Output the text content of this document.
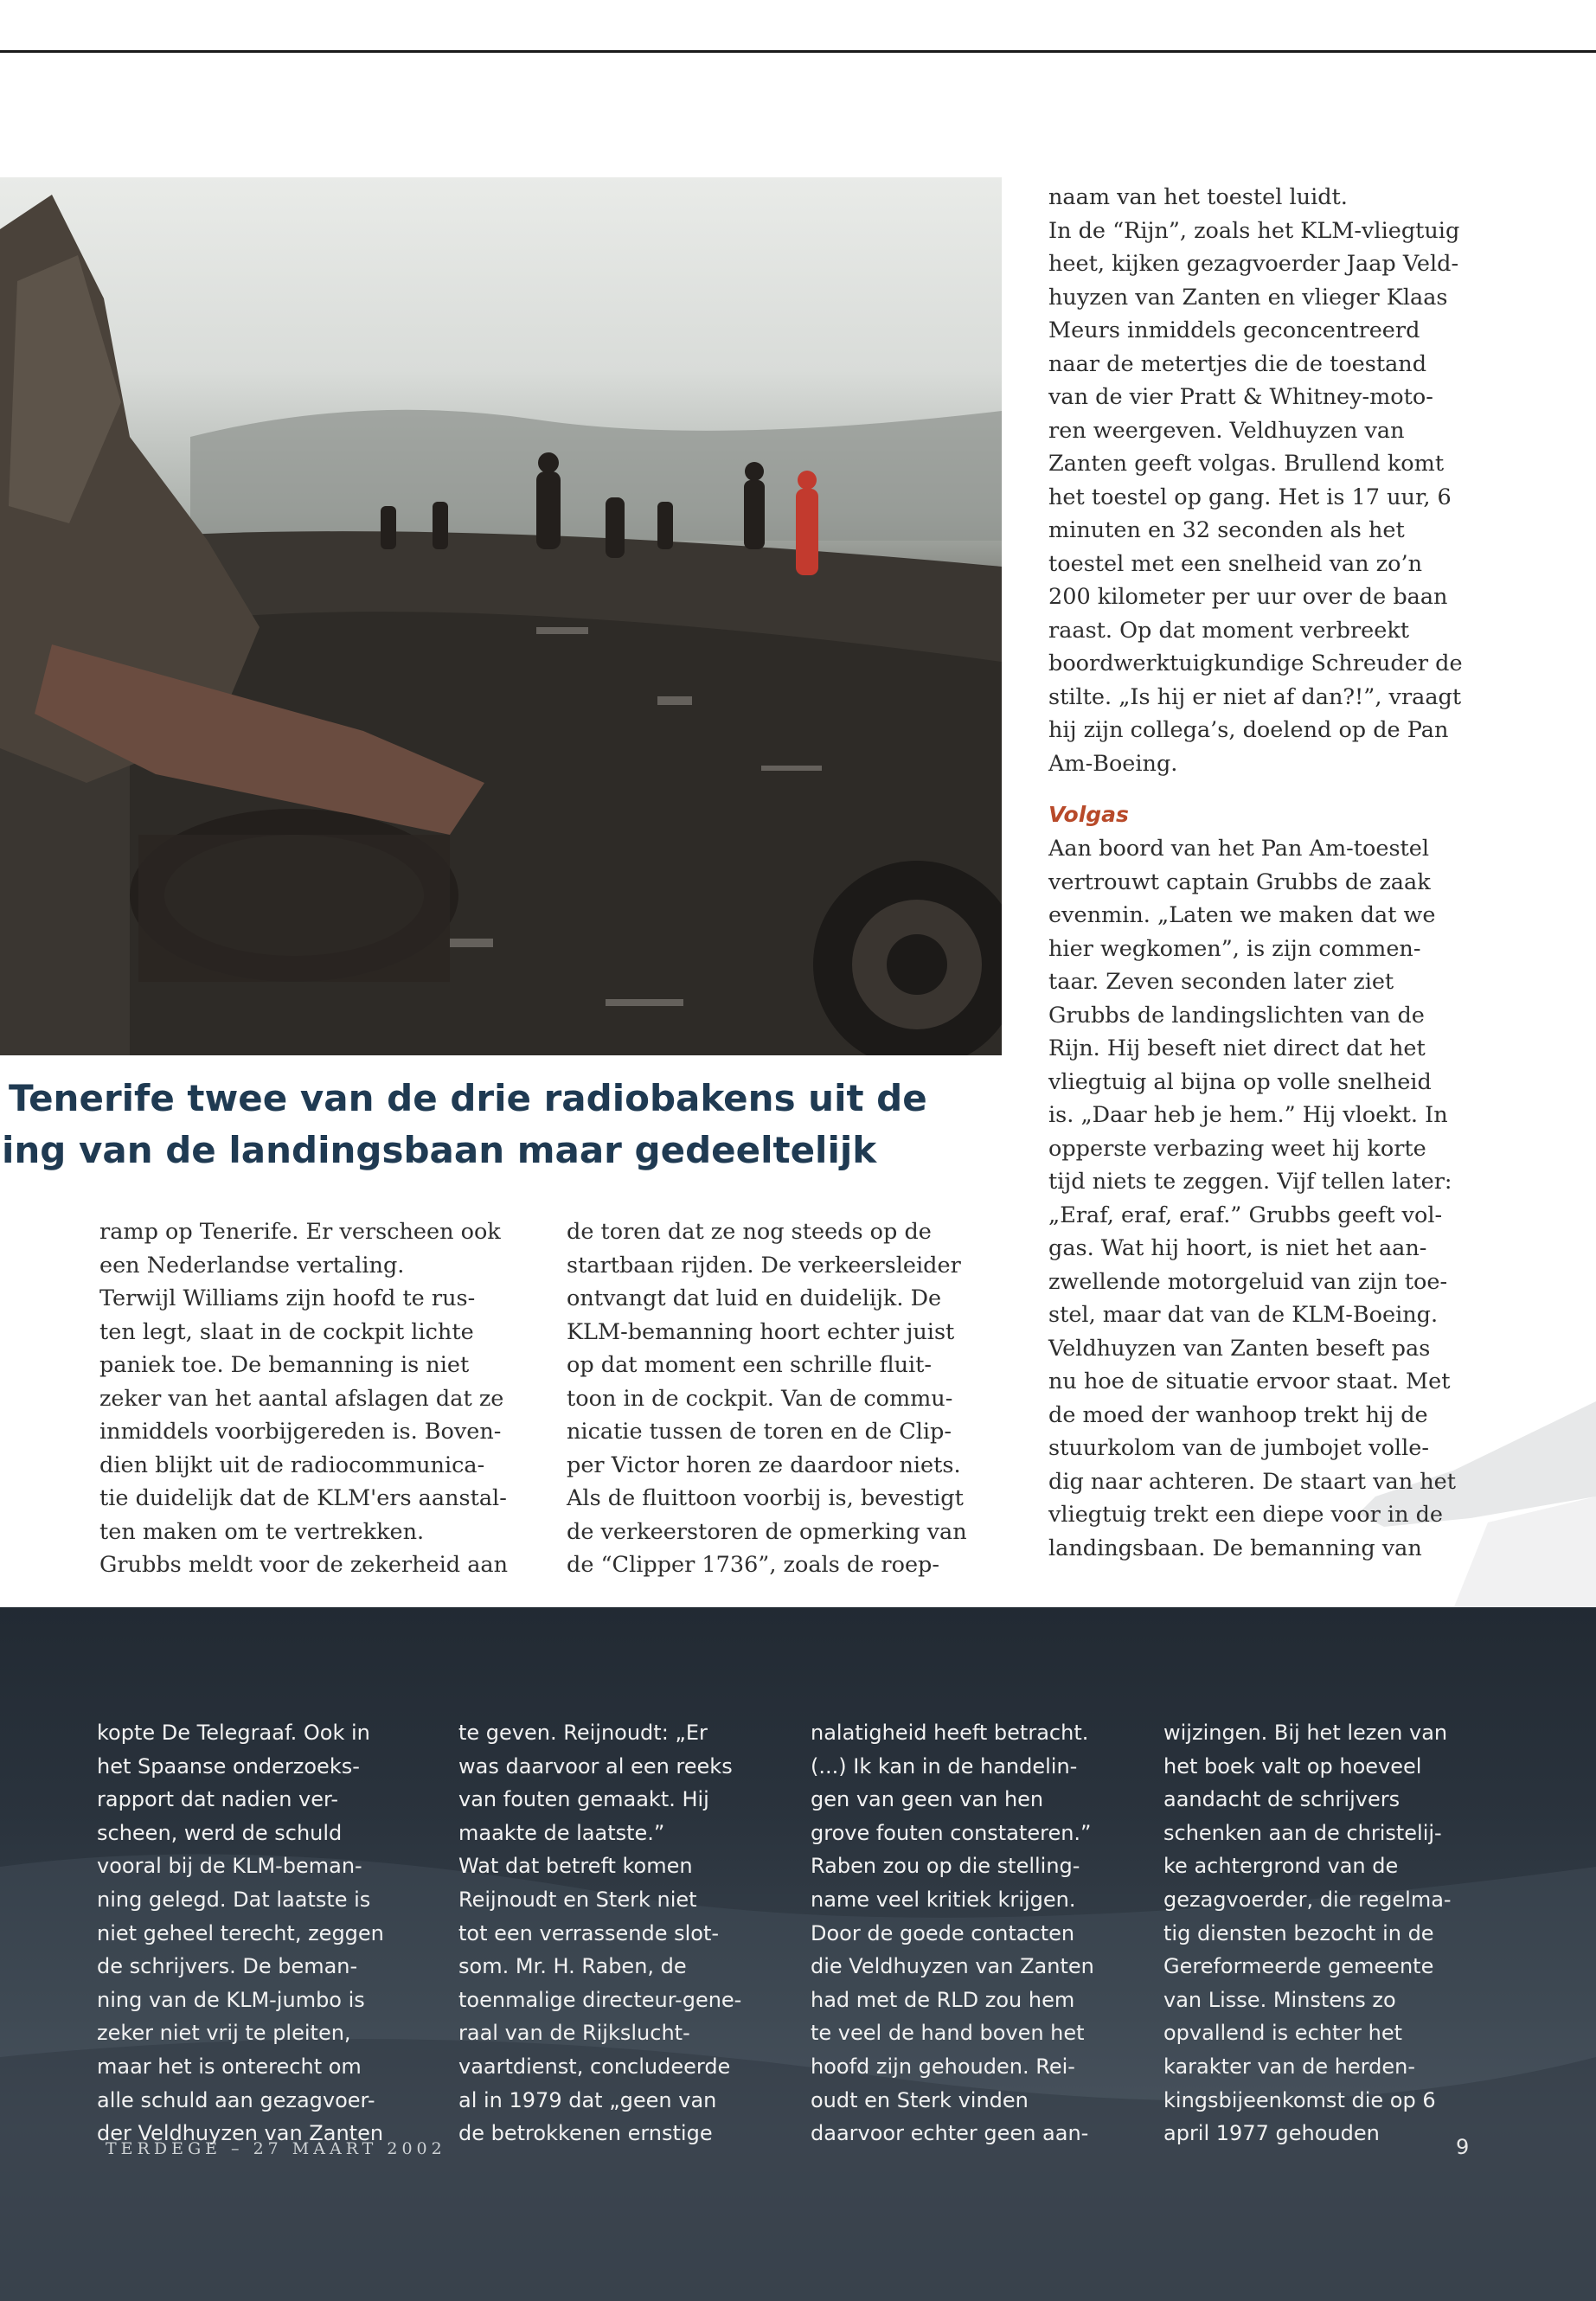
Tenerife twee van de drie radiobakens uit de
ing van de landingsbaan maar gedeeltelijk
ramp op Tenerife. Er verscheen ook
een Nederlandse vertaling.
Terwijl Williams zijn hoofd te rus-
ten legt, slaat in de cockpit lichte
paniek toe. De bemanning is niet
zeker van het aantal afslagen dat ze
inmiddels voorbijgereden is. Boven-
dien blijkt uit de radiocommunica-
tie duidelijk dat de KLM'ers aanstal-
ten maken om te vertrekken.
Grubbs meldt voor de zekerheid aan
de toren dat ze nog steeds op de
startbaan rijden. De verkeersleider
ontvangt dat luid en duidelijk. De
KLM-bemanning hoort echter juist
op dat moment een schrille fluit-
toon in de cockpit. Van de commu-
nicatie tussen de toren en de Clip-
per Victor horen ze daardoor niets.
Als de fluittoon voorbij is, bevestigt
de verkeerstoren de opmerking van
de “Clipper 1736”, zoals de roep-
naam van het toestel luidt.
In de “Rijn”, zoals het KLM-vliegtuig
heet, kijken gezagvoerder Jaap Veld-
huyzen van Zanten en vlieger Klaas
Meurs inmiddels geconcentreerd
naar de metertjes die de toestand
van de vier Pratt & Whitney-moto-
ren weergeven. Veldhuyzen van
Zanten geeft volgas. Brullend komt
het toestel op gang. Het is 17 uur, 6
minuten en 32 seconden als het
toestel met een snelheid van zo’n
200 kilometer per uur over de baan
raast. Op dat moment verbreekt
boordwerktuigkundige Schreuder de
stilte. „Is hij er niet af dan?!”, vraagt
hij zijn collega’s, doelend op de Pan
Am-Boeing.
Volgas
Aan boord van het Pan Am-toestel
vertrouwt captain Grubbs de zaak
evenmin. „Laten we maken dat we
hier wegkomen”, is zijn commen-
taar. Zeven seconden later ziet
Grubbs de landingslichten van de
Rijn. Hij beseft niet direct dat het
vliegtuig al bijna op volle snelheid
is. „Daar heb je hem.” Hij vloekt. In
opperste verbazing weet hij korte
tijd niets te zeggen. Vijf tellen later:
„Eraf, eraf, eraf.” Grubbs geeft vol-
gas. Wat hij hoort, is niet het aan-
zwellende motorgeluid van zijn toe-
stel, maar dat van de KLM-Boeing.
Veldhuyzen van Zanten beseft pas
nu hoe de situatie ervoor staat. Met
de moed der wanhoop trekt hij de
stuurkolom van de jumbojet volle-
dig naar achteren. De staart van het
vliegtuig trekt een diepe voor in de
landingsbaan. De bemanning van
kopte De Telegraaf. Ook in
het Spaanse onderzoeks-
rapport dat nadien ver-
scheen, werd de schuld
vooral bij de KLM-beman-
ning gelegd. Dat laatste is
niet geheel terecht, zeggen
de schrijvers. De beman-
ning van de KLM-jumbo is
zeker niet vrij te pleiten,
maar het is onterecht om
alle schuld aan gezagvoer-
der Veldhuyzen van Zanten
te geven. Reijnoudt: „Er
was daarvoor al een reeks
van fouten gemaakt. Hij
maakte de laatste.”
Wat dat betreft komen
Reijnoudt en Sterk niet
tot een verrassende slot-
som. Mr. H. Raben, de
toenmalige directeur-gene-
raal van de Rijkslucht-
vaartdienst, concludeerde
al in 1979 dat „geen van
de betrokkenen ernstige
nalatigheid heeft betracht.
(...) Ik kan in de handelin-
gen van geen van hen
grove fouten constateren.”
Raben zou op die stelling-
name veel kritiek krijgen.
Door de goede contacten
die Veldhuyzen van Zanten
had met de RLD zou hem
te veel de hand boven het
hoofd zijn gehouden. Rei-
oudt en Sterk vinden
daarvoor echter geen aan-
wijzingen. Bij het lezen van
het boek valt op hoeveel
aandacht de schrijvers
schenken aan de christelij-
ke achtergrond van de
gezagvoerder, die regelma-
tig diensten bezocht in de
Gereformeerde gemeente
van Lisse. Minstens zo
opvallend is echter het
karakter van de herden-
kingsbijeenkomst die op 6
april 1977 gehouden
TERDEGE – 27 MAART 2002	9
